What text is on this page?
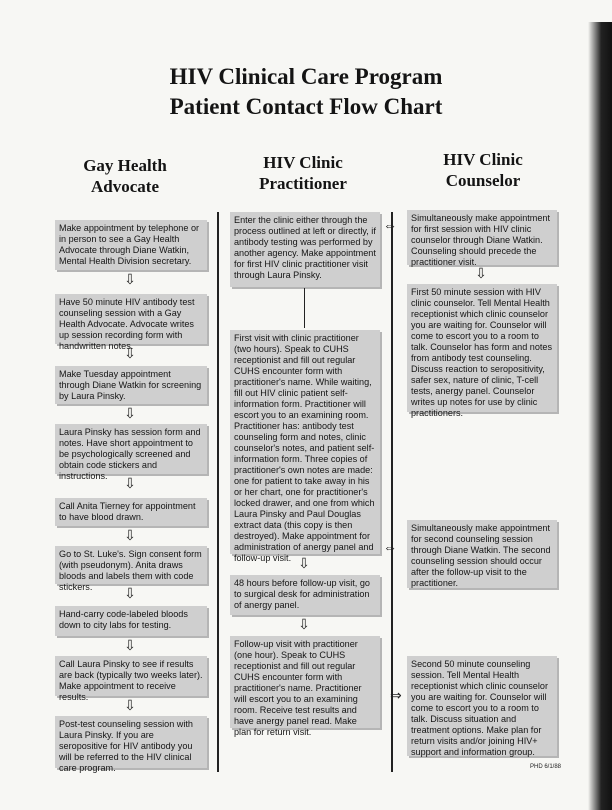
HIV Clinical Care Program
Patient Contact Flow Chart
Gay Health Advocate
HIV Clinic Practitioner
HIV Clinic Counselor
Make appointment by telephone or in person to see a Gay Health Advocate through Diane Watkin, Mental Health Division secretary.
⇩
Have 50 minute HIV antibody test counseling session with a Gay Health Advocate. Advocate writes up session recording form with handwritten notes.
⇩
Make Tuesday appointment through Diane Watkin for screening by Laura Pinsky.
⇩
Laura Pinsky has session form and notes. Have short appointment to be psychologically screened and obtain code stickers and instructions.	⇩
Call Anita Tierney for appointment to have blood drawn.
⇩
Go to St. Luke's. Sign consent form (with pseudonym). Anita draws bloods and labels them with code stickers.	⇩
Hand-carry code-labeled bloods down to city labs for testing.
⇩
Call Laura Pinsky to see if results are back (typically two weeks later). Make appointment to receive results.	⇩
Post-test counseling session with Laura Pinsky. If you are seropositive for HIV antibody you will be referred to the HIV clinical care program.
Enter the clinic either through the process outlined at left or directly, if antibody testing was performed by another agency. Make appointment for first HIV clinic practitioner visit through Laura Pinsky.
First visit with clinic practitioner (two hours). Speak to CUHS receptionist and fill out regular CUHS encounter form with practitioner's name. While waiting, fill out HIV clinic patient self-information form. Practitioner will escort you to an examining room. Practitioner has: antibody test counseling form and notes, clinic counselor's notes, and patient self-information form. Three copies of practitioner's own notes are made: one for patient to take away in his or her chart, one for practitioner's locked drawer, and one from which Laura Pinsky and Paul Douglas extract data (this copy is then destroyed). Make appointment for administration of anergy panel and follow-up visit. ⇩
48 hours before follow-up visit, go to surgical desk for administration of anergy panel.
⇩
Follow-up visit with practitioner (one hour). Speak to CUHS receptionist and fill out regular CUHS encounter form with practitioner's name. Practitioner will escort you to an examining room. Receive test results and have anergy panel read. Make plan for return visit.
⇔
⇔
⇒
Simultaneously make appointment for first session with HIV clinic counselor through Diane Watkin. Counseling should precede the practitioner visit.
⇩
First 50 minute session with HIV clinic counselor. Tell Mental Health receptionist which clinic counselor you are waiting for. Counselor will come to escort you to a room to talk. Counselor has form and notes from antibody test counseling. Discuss reaction to seropositivity, safer sex, nature of clinic, T-cell tests, anergy panel. Counselor writes up notes for use by clinic practitioners.
Simultaneously make appointment for second counseling session through Diane Watkin. The second counseling session should occur after the follow-up visit to the practitioner.
Second 50 minute counseling session. Tell Mental Health receptionist which clinic counselor you are waiting for. Counselor will come to escort you to a room to talk. Discuss situation and treatment options. Make plan for return visits and/or joining HIV+ support and information group.
PHD 6/1/88
